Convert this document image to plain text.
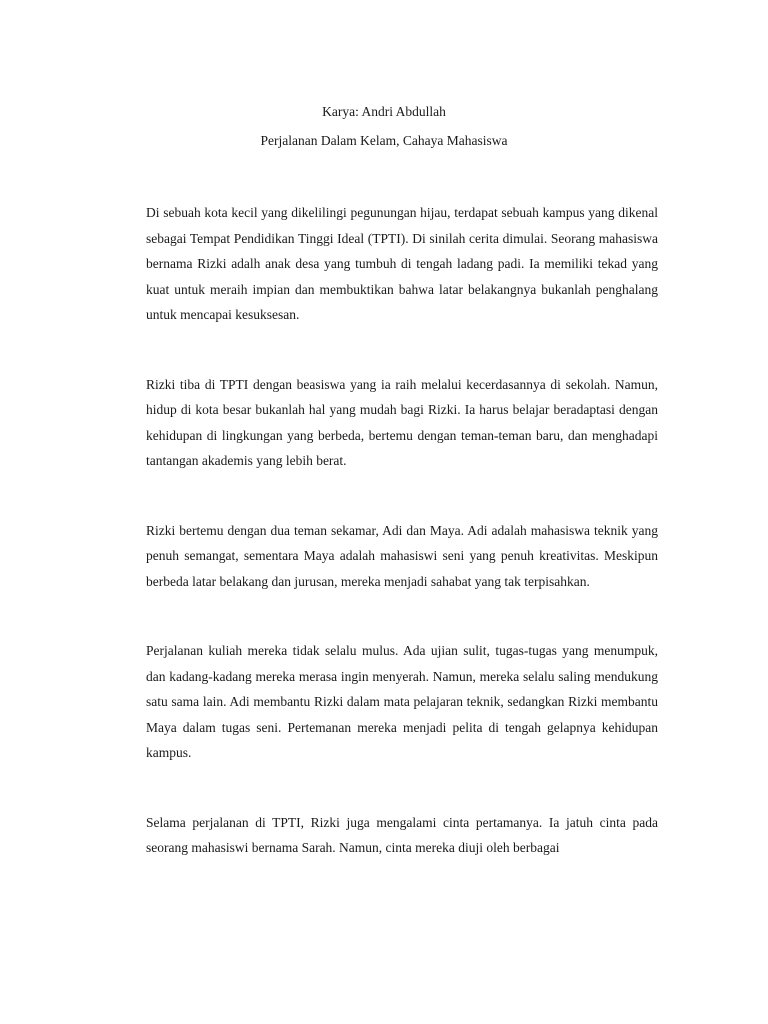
Karya: Andri Abdullah

Perjalanan Dalam Kelam, Cahaya Mahasiswa

Di sebuah kota kecil yang dikelilingi pegunungan hijau, terdapat sebuah kampus yang dikenal sebagai Tempat Pendidikan Tinggi Ideal (TPTI). Di sinilah cerita dimulai. Seorang mahasiswa bernama Rizki adalh anak desa yang tumbuh di tengah ladang padi. Ia memiliki tekad yang kuat untuk meraih impian dan membuktikan bahwa latar belakangnya bukanlah penghalang untuk mencapai kesuksesan.

Rizki tiba di TPTI dengan beasiswa yang ia raih melalui kecerdasannya di sekolah. Namun, hidup di kota besar bukanlah hal yang mudah bagi Rizki. Ia harus belajar beradaptasi dengan kehidupan di lingkungan yang berbeda, bertemu dengan teman-teman baru, dan menghadapi tantangan akademis yang lebih berat.

Rizki bertemu dengan dua teman sekamar, Adi dan Maya. Adi adalah mahasiswa teknik yang penuh semangat, sementara Maya adalah mahasiswi seni yang penuh kreativitas. Meskipun berbeda latar belakang dan jurusan, mereka menjadi sahabat yang tak terpisahkan.

Perjalanan kuliah mereka tidak selalu mulus. Ada ujian sulit, tugas-tugas yang menumpuk, dan kadang-kadang mereka merasa ingin menyerah. Namun, mereka selalu saling mendukung satu sama lain. Adi membantu Rizki dalam mata pelajaran teknik, sedangkan Rizki membantu Maya dalam tugas seni. Pertemanan mereka menjadi pelita di tengah gelapnya kehidupan kampus.

Selama perjalanan di TPTI, Rizki juga mengalami cinta pertamanya. Ia jatuh cinta pada seorang mahasiswi bernama Sarah. Namun, cinta mereka diuji oleh berbagai
